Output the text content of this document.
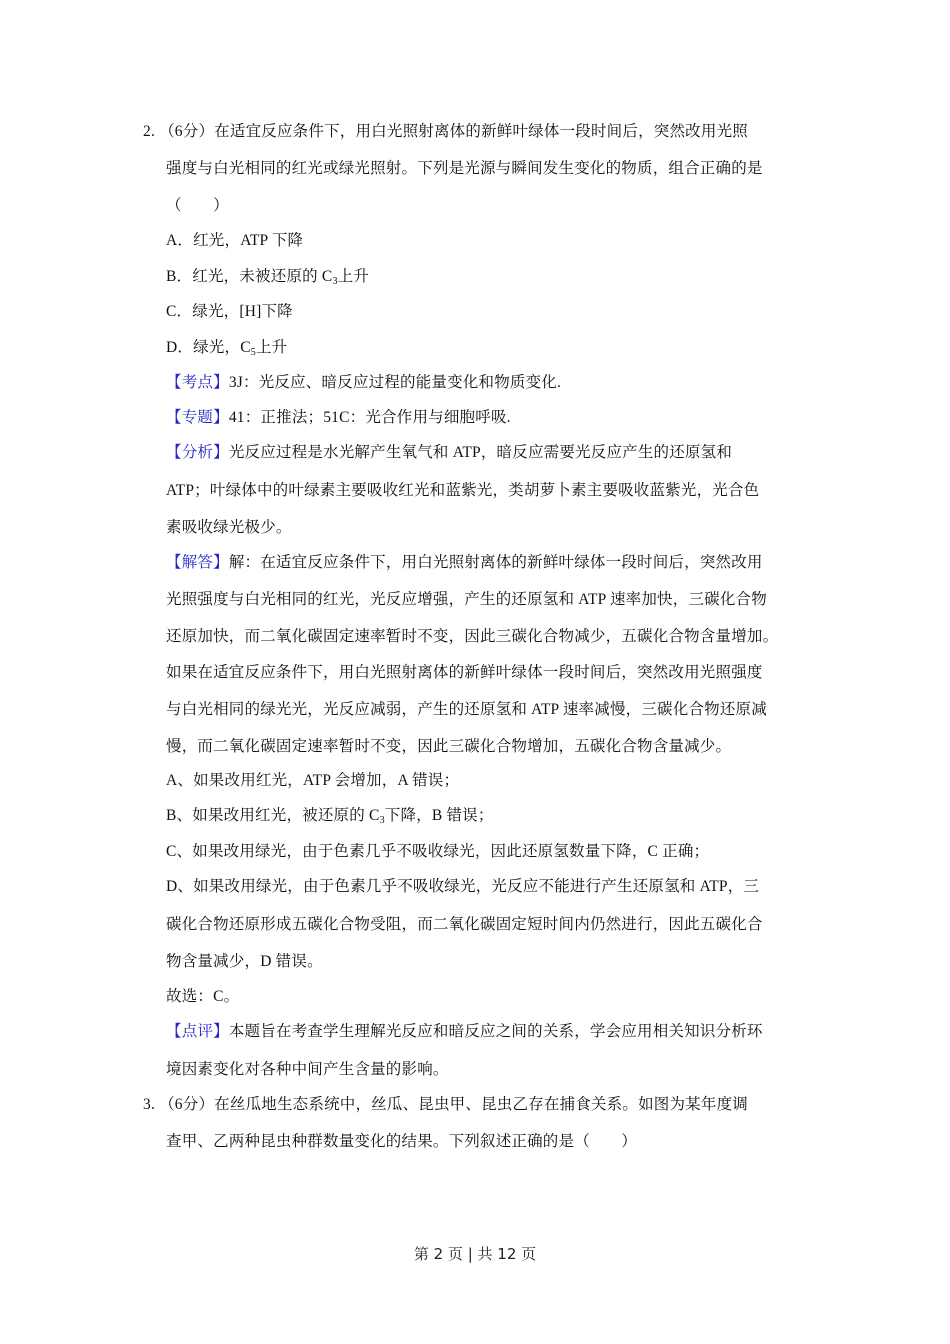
2. （6分）在适宜反应条件下，用白光照射离体的新鲜叶绿体一段时间后，突然改用光照
强度与白光相同的红光或绿光照射。下列是光源与瞬间发生变化的物质，组合正确的是
（　　）
A．红光，ATP 下降
B．红光，未被还原的 $C_3$上升
C．绿光，[H]下降
D．绿光，$C_5$上升
【考点】3J：光反应、暗反应过程的能量变化和物质变化.
【专题】41：正推法；51C：光合作用与细胞呼吸.
【分析】光反应过程是水光解产生氧气和 ATP，暗反应需要光反应产生的还原氢和
ATP；叶绿体中的叶绿素主要吸收红光和蓝紫光，类胡萝卜素主要吸收蓝紫光，光合色
素吸收绿光极少。
【解答】解：在适宜反应条件下，用白光照射离体的新鲜叶绿体一段时间后，突然改用
光照强度与白光相同的红光，光反应增强，产生的还原氢和 ATP 速率加快，三碳化合物
还原加快，而二氧化碳固定速率暂时不变，因此三碳化合物减少，五碳化合物含量增加。
如果在适宜反应条件下，用白光照射离体的新鲜叶绿体一段时间后，突然改用光照强度
与白光相同的绿光光，光反应减弱，产生的还原氢和 ATP 速率减慢，三碳化合物还原减
慢，而二氧化碳固定速率暂时不变，因此三碳化合物增加，五碳化合物含量减少。
A、如果改用红光，ATP 会增加，A 错误；
B、如果改用红光，被还原的 $C_3$下降，B 错误；
C、如果改用绿光，由于色素几乎不吸收绿光，因此还原氢数量下降，C 正确；
D、如果改用绿光，由于色素几乎不吸收绿光，光反应不能进行产生还原氢和 ATP，三
碳化合物还原形成五碳化合物受阻，而二氧化碳固定短时间内仍然进行，因此五碳化合
物含量减少，D 错误。
故选：C。
【点评】本题旨在考查学生理解光反应和暗反应之间的关系，学会应用相关知识分析环
境因素变化对各种中间产生含量的影响。
3. （6分）在丝瓜地生态系统中，丝瓜、昆虫甲、昆虫乙存在捕食关系。如图为某年度调
查甲、乙两种昆虫种群数量变化的结果。下列叙述正确的是（　　）
第 2 页 | 共 12 页
